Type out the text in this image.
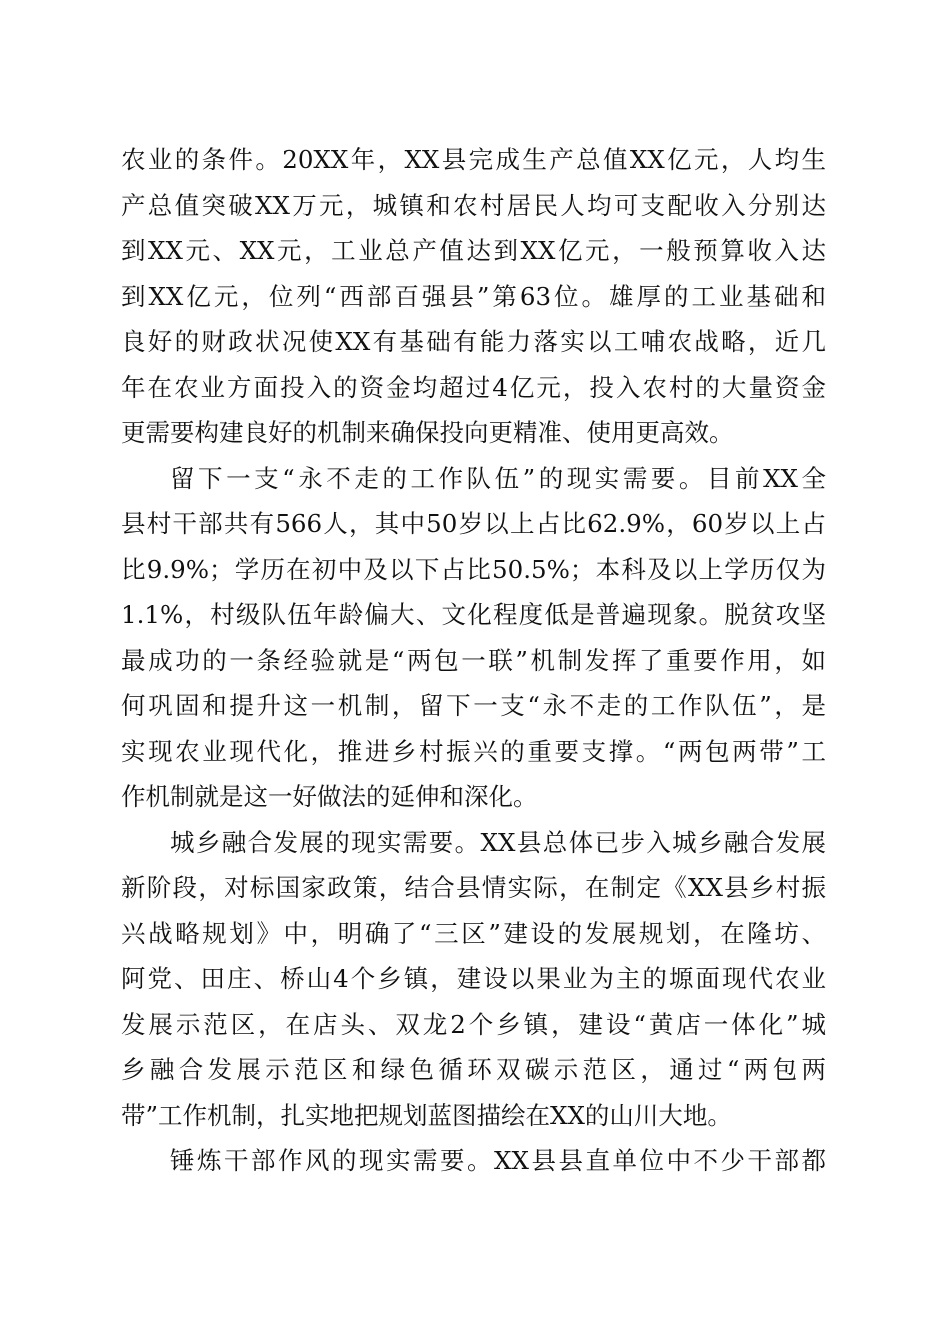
农业的条件。20XX年，XX县完成生产总值XX亿元，人均生
产总值突破XX万元，城镇和农村居民人均可支配收入分别达
到XX元、XX元，工业总产值达到XX亿元，一般预算收入达
到XX亿元，位列“西部百强县”第63位。雄厚的工业基础和
良好的财政状况使XX有基础有能力落实以工哺农战略，近几
年在农业方面投入的资金均超过4亿元，投入农村的大量资金
更需要构建良好的机制来确保投向更精准、使用更高效。
留下一支“永不走的工作队伍”的现实需要。目前XX全
县村干部共有566人，其中50岁以上占比62.9%，60岁以上占
比9.9%；学历在初中及以下占比50.5%；本科及以上学历仅为
1.1%，村级队伍年龄偏大、文化程度低是普遍现象。脱贫攻坚
最成功的一条经验就是“两包一联”机制发挥了重要作用，如
何巩固和提升这一机制，留下一支“永不走的工作队伍”，是
实现农业现代化，推进乡村振兴的重要支撑。“两包两带”工
作机制就是这一好做法的延伸和深化。
城乡融合发展的现实需要。XX县总体已步入城乡融合发展
新阶段，对标国家政策，结合县情实际，在制定《XX县乡村振
兴战略规划》中，明确了“三区”建设的发展规划，在隆坊、
阿党、田庄、桥山4个乡镇，建设以果业为主的塬面现代农业
发展示范区，在店头、双龙2个乡镇，建设“黄店一体化”城
乡融合发展示范区和绿色循环双碳示范区，通过“两包两
带”工作机制，扎实地把规划蓝图描绘在XX的山川大地。
锤炼干部作风的现实需要。XX县县直单位中不少干部都
